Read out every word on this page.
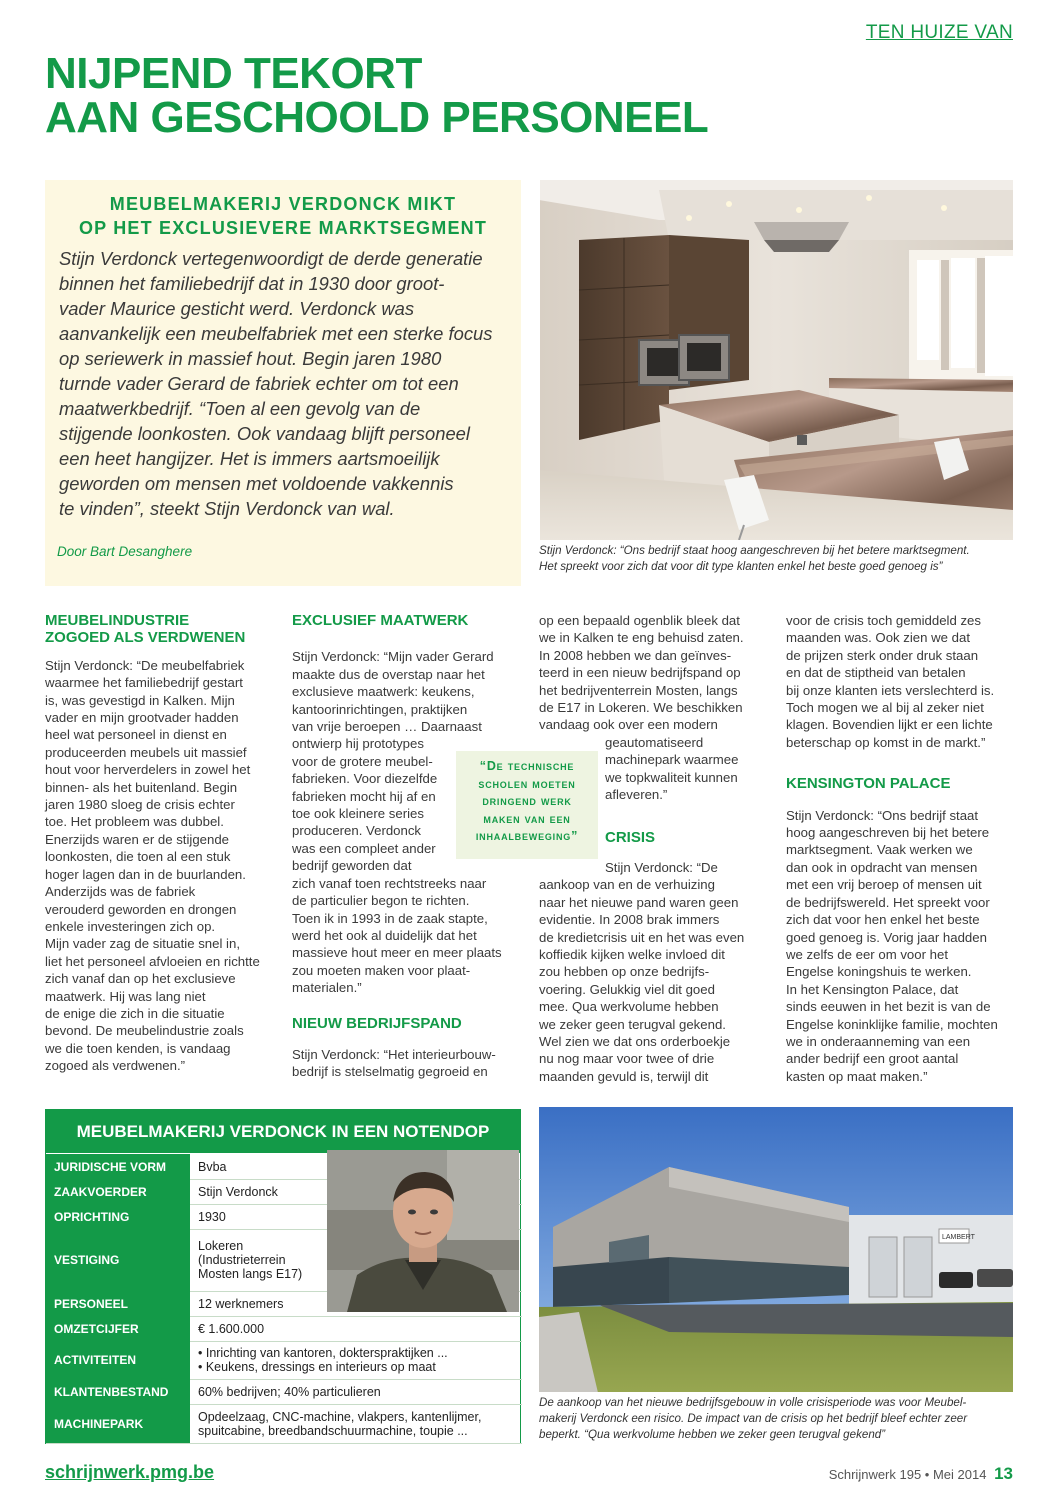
TEN HUIZE VAN
NIJPEND TEKORT
AAN GESCHOOLD PERSONEEL
MEUBELMAKERIJ VERDONCK MIKT
OP HET EXCLUSIEVERE MARKTSEGMENT
Stijn Verdonck vertegenwoordigt de derde generatie
binnen het familiebedrijf dat in 1930 door groot-
vader Maurice gesticht werd. Verdonck was
aanvankelijk een meubelfabriek met een sterke focus
op seriewerk in massief hout. Begin jaren 1980
turnde vader Gerard de fabriek echter om tot een
maatwerkbedrijf. “Toen al een gevolg van de
stijgende loonkosten. Ook vandaag blijft personeel
een heet hangijzer. Het is immers aartsmoeilijk
geworden om mensen met voldoende vakkennis
te vinden”, steekt Stijn Verdonck van wal.
Door Bart Desanghere	Stijn Verdonck: “Ons bedrijf staat hoog aangeschreven bij het betere marktsegment.
Het spreekt voor zich dat voor dit type klanten enkel het beste goed genoeg is”
MEUBELINDUSTRIE
ZOGOED ALS VERDWENEN

Stijn Verdonck: “De meubelfabriek
waarmee het familiebedrijf gestart
is, was gevestigd in Kalken. Mijn
vader en mijn grootvader hadden
heel wat personeel in dienst en
produceerden meubels uit massief
hout voor herverdelers in zowel het
binnen- als het buitenland. Begin
jaren 1980 sloeg de crisis echter
toe. Het probleem was dubbel.
Enerzijds waren er de stijgende
loonkosten, die toen al een stuk
hoger lagen dan in de buurlanden.
Anderzijds was de fabriek
verouderd geworden en drongen
enkele investeringen zich op.
Mijn vader zag de situatie snel in,
liet het personeel afvloeien en richtte
zich vanaf dan op het exclusieve
maatwerk. Hij was lang niet
de enige die zich in die situatie
bevond. De meubelindustrie zoals
we die toen kenden, is vandaag
zogoed als verdwenen.”

EXCLUSIEF MAATWERK

Stijn Verdonck: “Mijn vader Gerard
maakte dus de overstap naar het
exclusieve maatwerk: keukens,
kantoorinrichtingen, praktijken
van vrije beroepen … Daarnaast
ontwierp hij prototypes
voor de grotere meubel-
fabrieken. Voor diezelfde
fabrieken mocht hij af en
toe ook kleinere series
produceren. Verdonck
was een compleet ander
bedrijf geworden dat
zich vanaf toen rechtstreeks naar
de particulier begon te richten.
Toen ik in 1993 in de zaak stapte,
werd het ook al duidelijk dat het
massieve hout meer en meer plaats
zou moeten maken voor plaat-
materialen.”

NIEUW BEDRIJFSPAND

Stijn Verdonck: “Het interieurbouw-
bedrijf is stelselmatig gegroeid en

op een bepaald ogenblik bleek dat
we in Kalken te eng behuisd zaten.
In 2008 hebben we dan geïnves-
teerd in een nieuw bedrijfspand op
het bedrijventerrein Mosten, langs
de E17 in Lokeren. We beschikken
vandaag ook over een modern
geautomatiseerd
machinepark waarmee
we topkwaliteit kunnen
afleveren.”

CRISIS

Stijn Verdonck: “De
aankoop van en de verhuizing
naar het nieuwe pand waren geen
evidentie. In 2008 brak immers
de kredietcrisis uit en het was even
koffiedik kijken welke invloed dit
zou hebben op onze bedrijfs-
voering. Gelukkig viel dit goed
mee. Qua werkvolume hebben
we zeker geen terugval gekend.
Wel zien we dat ons orderboekje
nu nog maar voor twee of drie
maanden gevuld is, terwijl dit

voor de crisis toch gemiddeld zes
maanden was. Ook zien we dat
de prijzen sterk onder druk staan
en dat de stiptheid van betalen
bij onze klanten iets verslechterd is.
Toch mogen we al bij al zeker niet
klagen. Bovendien lijkt er een lichte
beterschap op komst in de markt.”

KENSINGTON PALACE

Stijn Verdonck: “Ons bedrijf staat
hoog aangeschreven bij het betere
marktsegment. Vaak werken we
dan ook in opdracht van mensen
met een vrij beroep of mensen uit
de bedrijfswereld. Het spreekt voor
zich dat voor hen enkel het beste
goed genoeg is. Vorig jaar hadden
we zelfs de eer om voor het
Engelse koningshuis te werken.
In het Kensington Palace, dat
sinds eeuwen in het bezit is van de
Engelse koninklijke familie, mochten
we in onderaanneming van een
ander bedrijf een groot aantal
kasten op maat maken.”

“De technische
scholen moeten
dringend werk
maken van een
inhaalbeweging”
MEUBELMAKERIJ VERDONCK IN EEN NOTENDOP
JURIDISCHE VORM	Bvba
ZAAKVOERDER	Stijn Verdonck
OPRICHTING	1930
VESTIGING
Lokeren
(Industrieterrein
Mosten langs E17)
PERSONEEL	12 werknemers
OMZETCIJFER	€ 1.600.000
ACTIVITEITEN	• Inrichting van kantoren, dokterspraktijken ...
• Keukens, dressings en interieurs op maat
KLANTENBESTAND	60% bedrijven; 40% particulieren
MACHINEPARK	Opdeelzaag, CNC-machine, vlakpers, kantenlijmer,
spuitcabine, breedbandschuurmachine, toupie ...
LAMBERT
De aankoop van het nieuwe bedrijfsgebouw in volle crisisperiode was voor Meubel-
makerij Verdonck een risico. De impact van de crisis op het bedrijf bleef echter zeer
beperkt. “Qua werkvolume hebben we zeker geen terugval gekend”
schrijnwerk.pmg.be	Schrijnwerk 195 • Mei 2014 13
